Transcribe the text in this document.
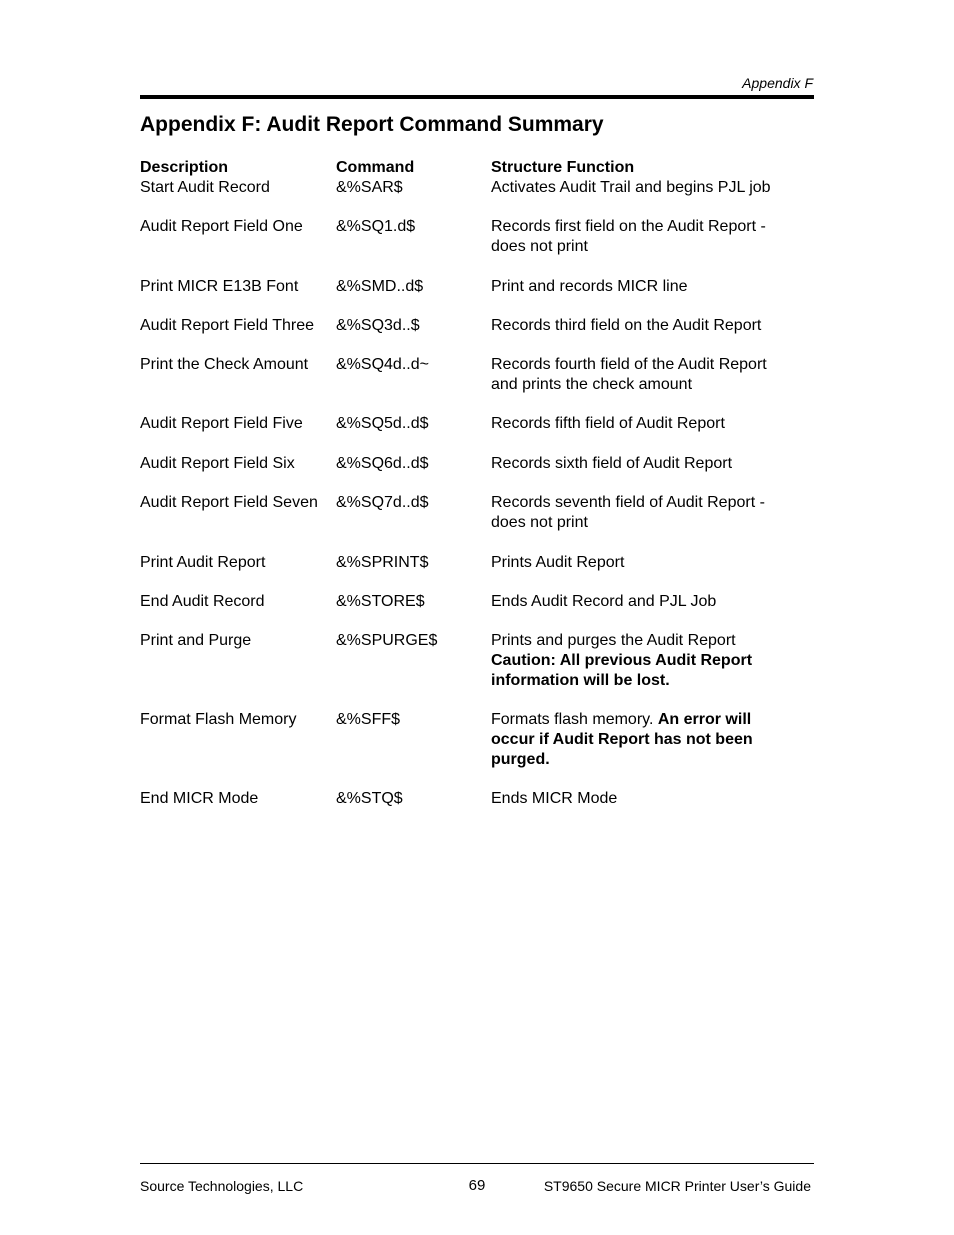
Appendix F
Appendix F: Audit Report Command Summary
Description	Command	Structure Function
Start Audit Record	&%SAR$	Activates Audit Trail and begins PJL job
Audit Report Field One &%SQ1.d$	Records first field on the Audit Report -
does not print
Print MICR E13B Font &%SMD..d$	Print and records MICR line
Audit Report Field Three &%SQ3d..$	Records third field on the Audit Report
Print the Check Amount &%SQ4d..d~	Records fourth field of the Audit Report
and prints the check amount
Audit Report Field Five &%SQ5d..d$	Records fifth field of Audit Report
Audit Report Field Six	&%SQ6d..d$	Records sixth field of Audit Report
Audit Report Field Seven &%SQ7d..d$	Records seventh field of Audit Report -
does not print
Print Audit Report	&%SPRINT$	Prints Audit Report
End Audit Record	&%STORE$	Ends Audit Record and PJL Job
Print and Purge	&%SPURGE$	Prints and purges the Audit Report
Caution: All previous Audit Report
information will be lost.
Format Flash Memory &%SFF$	Formats flash memory. An error will
occur if Audit Report has not been
purged.
End MICR Mode	&%STQ$	Ends MICR Mode
Source Technologies, LLC	69	ST9650 Secure MICR Printer User’s Guide
